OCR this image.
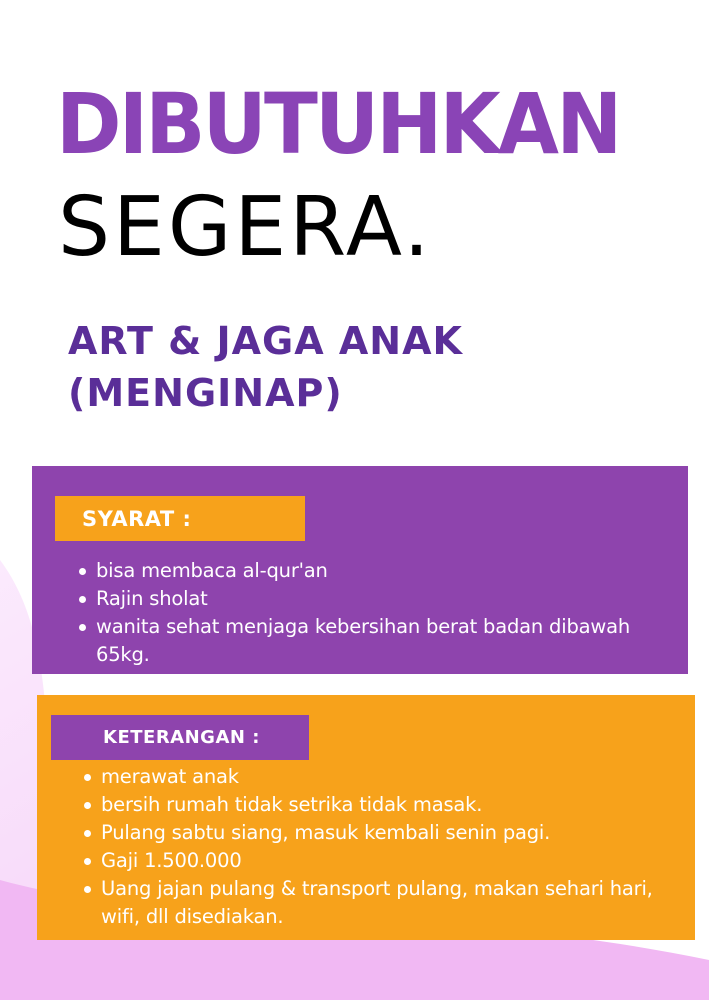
DIBUTUHKAN
SEGERA.
ART & JAGA ANAK
(MENGINAP)
SYARAT :
bisa membaca al-qur'an
Rajin sholat
wanita sehat menjaga kebersihan berat badan dibawah 65kg.
KETERANGAN :
merawat anak
bersih rumah tidak setrika tidak masak.
Pulang sabtu siang, masuk kembali senin pagi.
Gaji 1.500.000
Uang jajan pulang & transport pulang, makan sehari hari, wifi, dll disediakan.
